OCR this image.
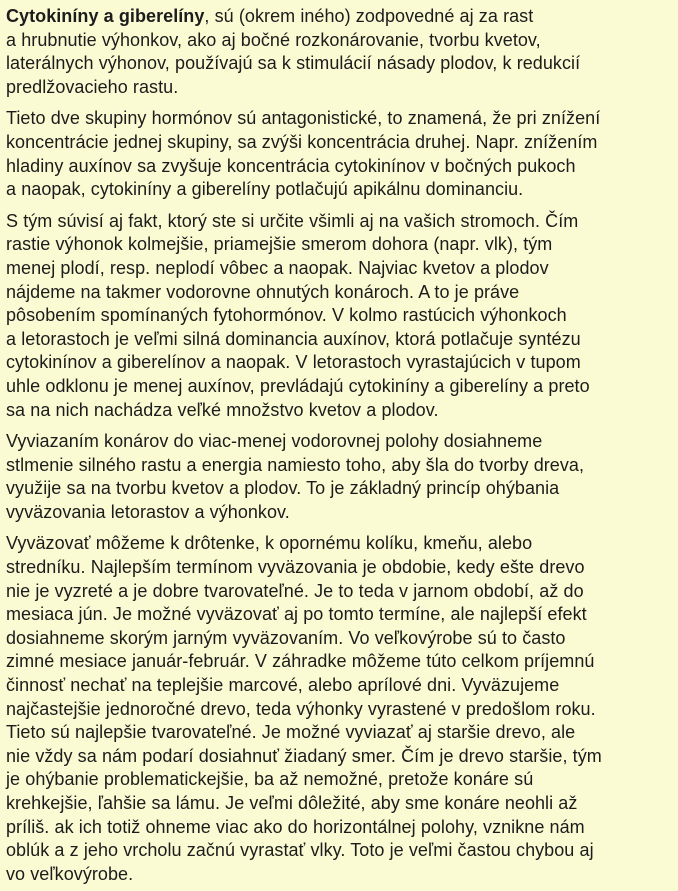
Cytokiníny a giberelíny, sú (okrem iného) zodpovedné aj za rast
a hrubnutie výhonkov, ako aj bočné rozkonárovanie, tvorbu kvetov,
laterálnych výhonov, používajú sa k stimulácií násady plodov, k redukcií
predlžovacieho rastu.

Tieto dve skupiny hormónov sú antagonistické, to znamená, že pri znížení
koncentrácie jednej skupiny, sa zvýši koncentrácia druhej. Napr. znížením
hladiny auxínov sa zvyšuje koncentrácia cytokinínov v bočných pukoch
a naopak, cytokiníny a giberelíny potlačujú apikálnu dominanciu.

S tým súvisí aj fakt, ktorý ste si určite všimli aj na vašich stromoch. Čím
rastie výhonok kolmejšie, priamejšie smerom dohora (napr. vlk), tým
menej plodí, resp. neplodí vôbec a naopak. Najviac kvetov a plodov
nájdeme na takmer vodorovne ohnutých konároch. A to je práve
pôsobením spomínaných fytohormónov. V kolmo rastúcich výhonkoch
a letorastoch je veľmi silná dominancia auxínov, ktorá potlačuje syntézu
cytokinínov a giberelínov a naopak. V letorastoch vyrastajúcich v tupom
uhle odklonu je menej auxínov, prevládajú cytokiníny a giberelíny a preto
sa na nich nachádza veľké množstvo kvetov a plodov.

Vyviazaním konárov do viac-menej vodorovnej polohy dosiahneme
stlmenie silného rastu a energia namiesto toho, aby šla do tvorby dreva,
využije sa na tvorbu kvetov a plodov. To je základný princíp ohýbania
vyväzovania letorastov a výhonkov.

Vyväzovať môžeme k drôtenke, k opornému kolíku, kmeňu, alebo
stredníku. Najlepším termínom vyväzovania je obdobie, kedy ešte drevo
nie je vyzreté a je dobre tvarovateľné. Je to teda v jarnom období, až do
mesiaca jún. Je možné vyväzovať aj po tomto termíne, ale najlepší efekt
dosiahneme skorým jarným vyväzovaním. Vo veľkovýrobe sú to často
zimné mesiace január-február. V záhradke môžeme túto celkom príjemnú
činnosť nechať na teplejšie marcové, alebo aprílové dni. Vyväzujeme
najčastejšie jednoročné drevo, teda výhonky vyrastené v predošlom roku.
Tieto sú najlepšie tvarovateľné. Je možné vyviazať aj staršie drevo, ale
nie vždy sa nám podarí dosiahnuť žiadaný smer. Čím je drevo staršie, tým
je ohýbanie problematickejšie, ba až nemožné, pretože konáre sú
krehkejšie, ľahšie sa lámu. Je veľmi dôležité, aby sme konáre neohli až
príliš. ak ich totiž ohneme viac ako do horizontálnej polohy, vznikne nám
oblúk a z jeho vrcholu začnú vyrastať vlky. Toto je veľmi častou chybou aj
vo veľkovýrobe.
